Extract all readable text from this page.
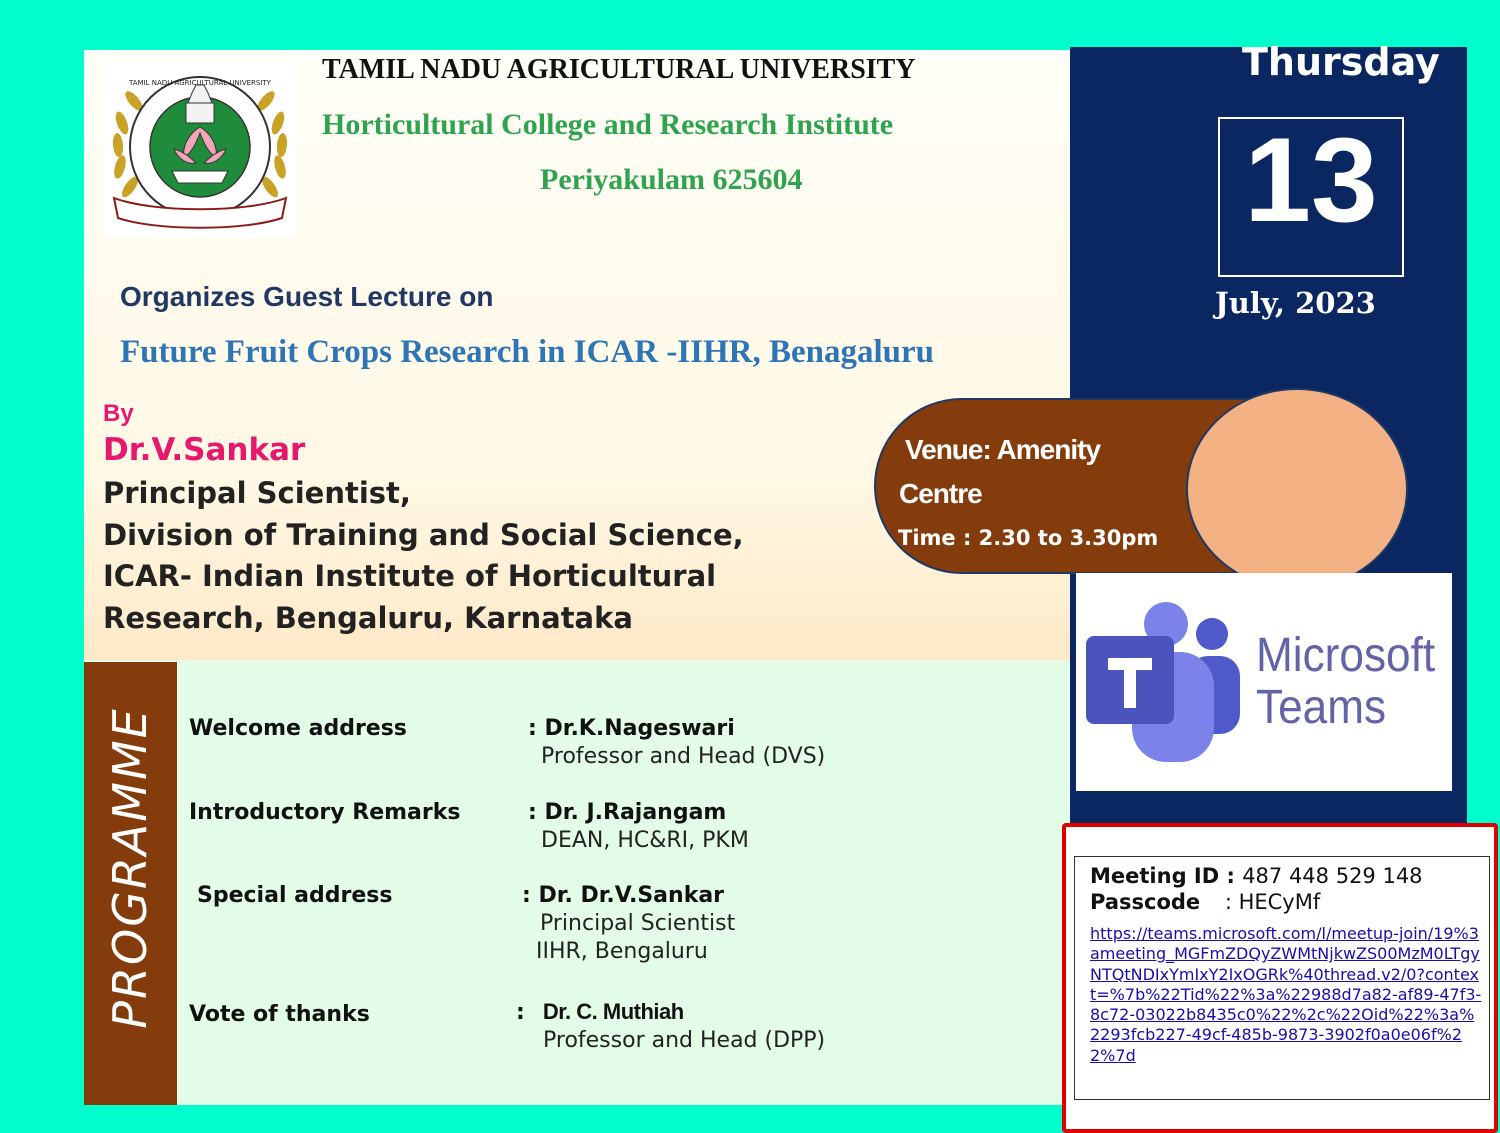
TAMIL NADU AGRICULTURAL UNIVERSITY TAMIL NADU AGRICULTURAL UNIVERSITY
Horticultural College and Research Institute
Periyakulam 625604
Organizes Guest Lecture on
Future Fruit Crops Research in ICAR -IIHR, Benagaluru
By
Dr.V.Sankar
Principal Scientist,
Division of Training and Social Science,
ICAR- Indian Institute of Horticultural
Research, Bengaluru, Karnataka
Thursday
13
July, 2023
Venue: Amenity
Centre
Time : 2.30 to 3.30pm
Microsoft
Teams
Meeting ID : 487 448 529 148
Passcode : HECyMf
https://teams.microsoft.com/l/meetup-join/19%3ameeting_MGFmZDQyZWMtNjkwZS00MzM0LTgyNTQtNDIxYmIxY2IxOGRk%40thread.v2/0?context=%7b%22Tid%22%3a%22988d7a82-af89-47f3-8c72-03022b8435c0%22%2c%22Oid%22%3a%2293fcb227-49cf-485b-9873-3902f0a0e06f%22%7d
PROGRAMME Welcome address	: Dr.K.Nageswari
Professor and Head (DVS)
Introductory Remarks	: Dr. J.Rajangam
DEAN, HC&RI, PKM
Special address	: Dr. Dr.V.Sankar
Principal Scientist
IIHR, Bengaluru
Vote of thanks	: Dr. C. Muthiah
Professor and Head (DPP)
